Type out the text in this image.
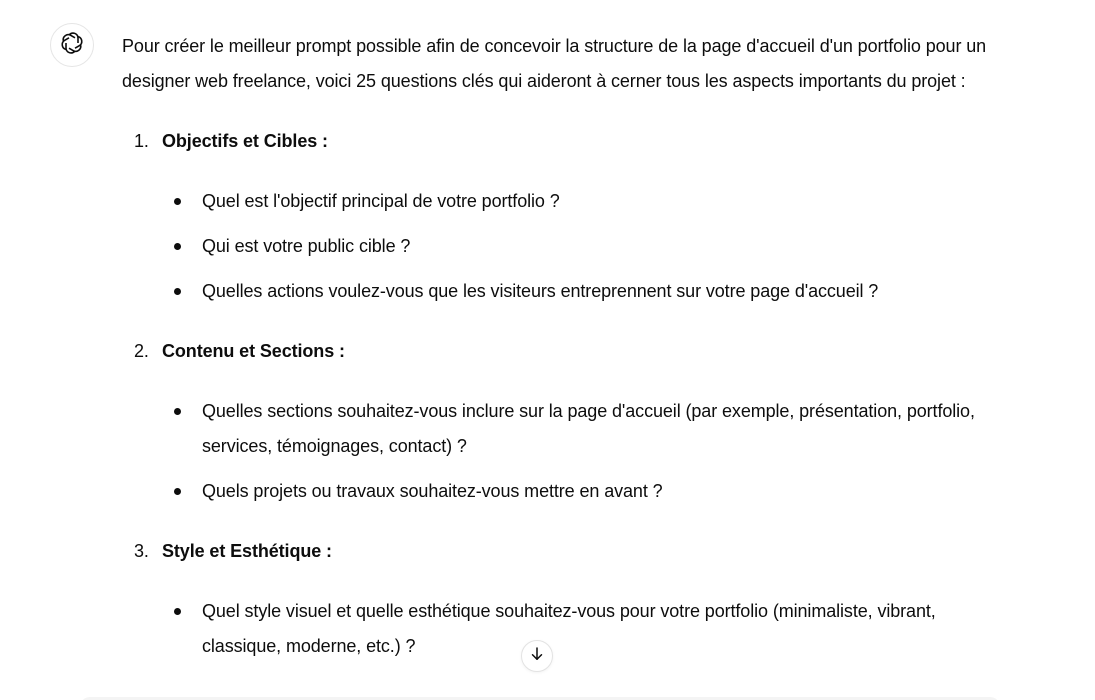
Pour créer le meilleur prompt possible afin de concevoir la structure de la page d'accueil d'un portfolio pour un designer web freelance, voici 25 questions clés qui aideront à cerner tous les aspects importants du projet :

1. Objectifs et Cibles :
Quel est l'objectif principal de votre portfolio ?
Qui est votre public cible ?
Quelles actions voulez-vous que les visiteurs entreprennent sur votre page d'accueil ?
2. Contenu et Sections :
Quelles sections souhaitez-vous inclure sur la page d'accueil (par exemple, présentation, portfolio, services, témoignages, contact) ?
Quels projets ou travaux souhaitez-vous mettre en avant ?
3. Style et Esthétique :
Quel style visuel et quelle esthétique souhaitez-vous pour votre portfolio (minimaliste, vibrant, classique, moderne, etc.) ?
